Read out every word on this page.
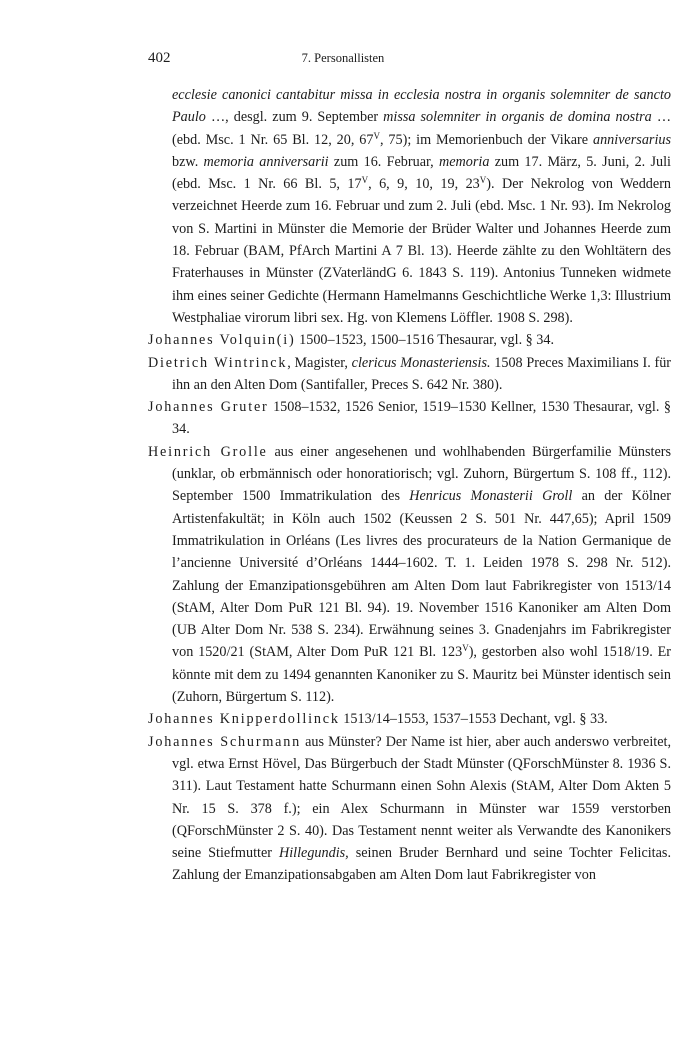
402	7. Personallisten

ecclesie canonici cantabitur missa in ecclesia nostra in organis solemniter de sancto Paulo …, desgl. zum 9. September missa solemniter in organis de domina nostra … (ebd. Msc. 1 Nr. 65 Bl. 12, 20, $67^V$, 75); im Memorienbuch der Vikare anniversarius bzw. memoria anniversarii zum 16. Februar, memoria zum 17. März, 5. Juni, 2. Juli (ebd. Msc. 1 Nr. 66 Bl. 5, $17^V$, 6, 9, 10, 19, $23^V$). Der Nekrolog von Weddern verzeichnet Heerde zum 16. Februar und zum 2. Juli (ebd. Msc. 1 Nr. 93). Im Nekrolog von S. Martini in Münster die Memorie der Brüder Walter und Johannes Heerde zum 18. Februar (BAM, PfArch Martini A 7 Bl. 13). Heerde zählte zu den Wohltätern des Fraterhauses in Münster (ZVaterländG 6. 1843 S. 119). Antonius Tunneken widmete ihm eines seiner Gedichte (Hermann Hamelmanns Geschichtliche Werke 1,3: Illustrium Westphaliae virorum libri sex. Hg. von Klemens Löffler. 1908 S. 298).

Johannes Volquin(i) 1500–1523, 1500–1516 Thesaurar, vgl. § 34.

Dietrich Wintrinck, Magister, clericus Monasteriensis. 1508 Preces Maximilians I. für ihn an den Alten Dom (Santifaller, Preces S. 642 Nr. 380).

Johannes Gruter 1508–1532, 1526 Senior, 1519–1530 Kellner, 1530 Thesaurar, vgl. § 34.

Heinrich Grolle aus einer angesehenen und wohlhabenden Bürgerfamilie Münsters (unklar, ob erbmännisch oder honoratiorisch; vgl. Zuhorn, Bürgertum S. 108 ff., 112). September 1500 Immatrikulation des Henricus Monasterii Groll an der Kölner Artistenfakultät; in Köln auch 1502 (Keussen 2 S. 501 Nr. 447,65); April 1509 Immatrikulation in Orléans (Les livres des procurateurs de la Nation Germanique de l’ancienne Université d’Orléans 1444–1602. T. 1. Leiden 1978 S. 298 Nr. 512). Zahlung der Emanzipationsgebühren am Alten Dom laut Fabrikregister von 1513/14 (StAM, Alter Dom PuR 121 Bl. 94). 19. November 1516 Kanoniker am Alten Dom (UB Alter Dom Nr. 538 S. 234). Erwähnung seines 3. Gnadenjahrs im Fabrikregister von 1520/21 (StAM, Alter Dom PuR 121 Bl. $123^V$), gestorben also wohl 1518/19. Er könnte mit dem zu 1494 genannten Kanoniker zu S. Mauritz bei Münster identisch sein (Zuhorn, Bürgertum S. 112).

Johannes Knipperdollinck 1513/14–1553, 1537–1553 Dechant, vgl. § 33.

Johannes Schurmann aus Münster? Der Name ist hier, aber auch anderswo verbreitet, vgl. etwa Ernst Hövel, Das Bürgerbuch der Stadt Münster (QForschMünster 8. 1936 S. 311). Laut Testament hatte Schurmann einen Sohn Alexis (StAM, Alter Dom Akten 5 Nr. 15 S. 378 f.); ein Alex Schurmann in Münster war 1559 verstorben (QForschMünster 2 S. 40). Das Testament nennt weiter als Verwandte des Kanonikers seine Stiefmutter Hillegundis, seinen Bruder Bernhard und seine Tochter Felicitas. Zahlung der Emanzipationsabgaben am Alten Dom laut Fabrikregister von
